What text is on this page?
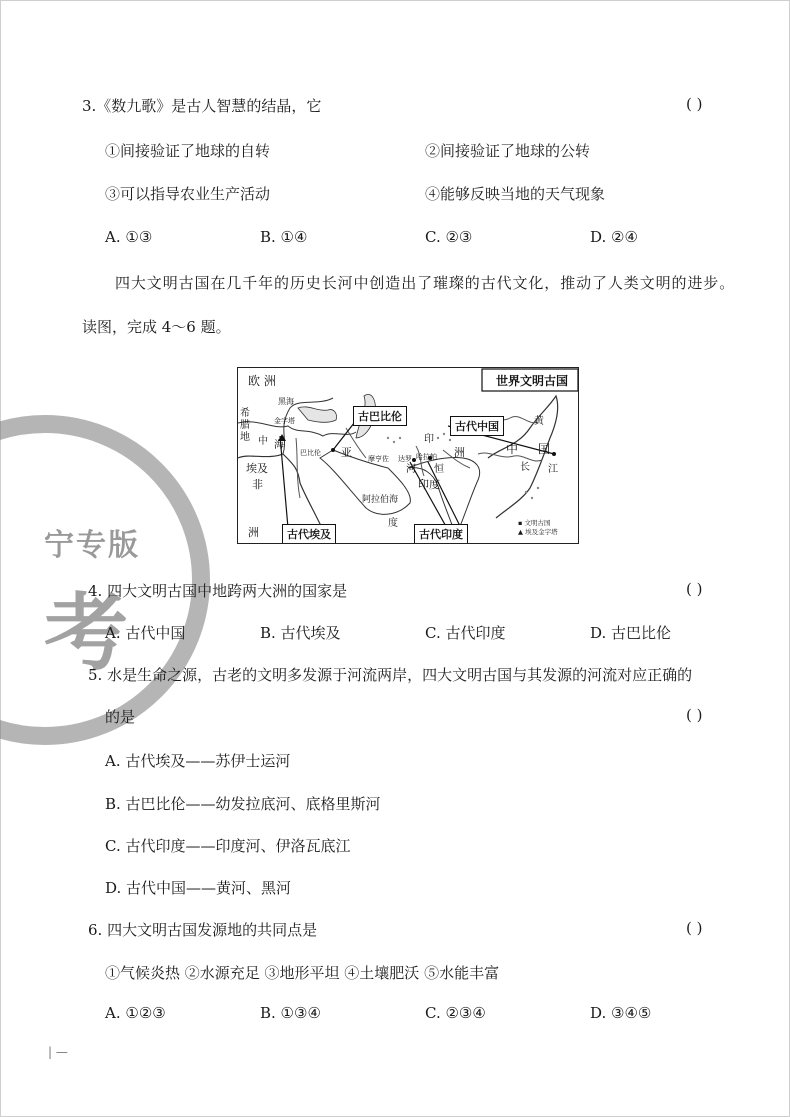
宁专版
考
3.《数九歌》是古人智慧的结晶，它	( )
①间接验证了地球的自转	②间接验证了地球的公转
③可以指导农业生产活动	④能够反映当地的天气现象
A. ①③	B. ①④	C. ②③	D. ②④
四大文明古国在几千年的历史长河中创造出了璀璨的古代文化，推动了人类文明的进步。
读图，完成 4～6 题。
世界文明古国
欧 洲
黑海
希
腊
地 中 海
金字塔
巴比伦
埃及
非
洲
亚	洲
摩亨佐 达罗 哈拉帕
印
河 恒
印度
阿拉伯海
度
黄
中 国
长 江
古巴比伦
古代中国
古代埃及	古代印度
▪ 文明古国
▲ 埃及金字塔
4. 四大文明古国中地跨两大洲的国家是	( )
A. 古代中国	B. 古代埃及	C. 古代印度	D. 古巴比伦
5. 水是生命之源，古老的文明多发源于河流两岸，四大文明古国与其发源的河流对应正确的
的是	( )
A. 古代埃及——苏伊士运河
B. 古巴比伦——幼发拉底河、底格里斯河
C. 古代印度——印度河、伊洛瓦底江
D. 古代中国——黄河、黑河
6. 四大文明古国发源地的共同点是	( )
①气候炎热 ②水源充足 ③地形平坦 ④土壤肥沃 ⑤水能丰富
A. ①②③	B. ①③④	C. ②③④	D. ③④⑤
| —
